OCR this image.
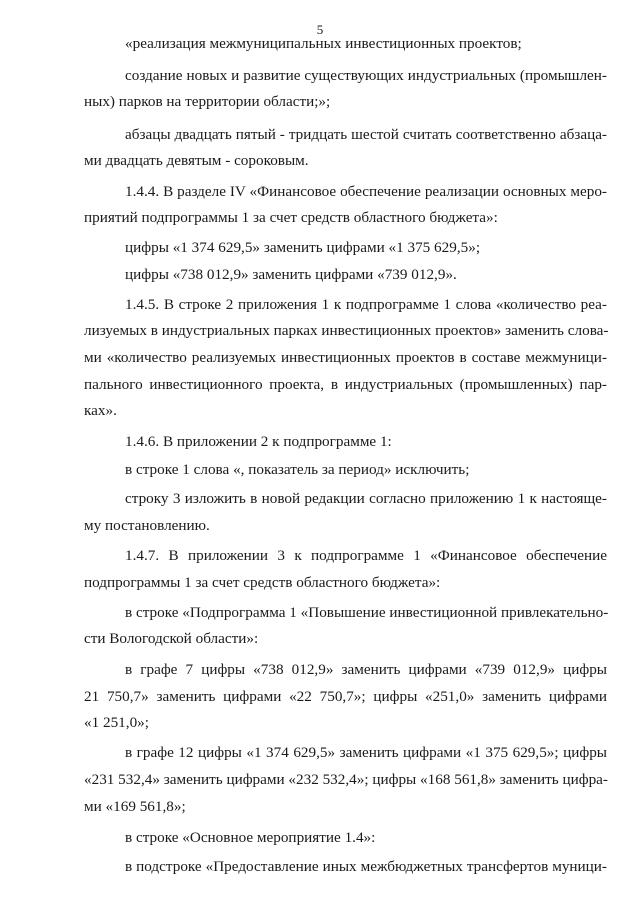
5
«реализация межмуниципальных инвестиционных проектов;
создание новых и развитие существующих индустриальных (промышлен-
ных) парков на территории области;»;
абзацы двадцать пятый - тридцать шестой считать соответственно абзаца-
ми двадцать девятым - сороковым.
1.4.4. В разделе IV «Финансовое обеспечение реализации основных меро-
приятий подпрограммы 1 за счет средств областного бюджета»:
цифры «1 374 629,5» заменить цифрами «1 375 629,5»;
цифры «738 012,9» заменить цифрами «739 012,9».
1.4.5. В строке 2 приложения 1 к подпрограмме 1 слова «количество реа-
лизуемых в индустриальных парках инвестиционных проектов» заменить слова-
ми «количество реализуемых инвестиционных проектов в составе межмуници-
пального инвестиционного проекта, в индустриальных (промышленных) пар-
ках».
1.4.6. В приложении 2 к подпрограмме 1:
в строке 1 слова «, показатель за период» исключить;
строку 3 изложить в новой редакции согласно приложению 1 к настояще-
му постановлению.
1.4.7. В приложении 3 к подпрограмме 1 «Финансовое обеспечение
подпрограммы 1 за счет средств областного бюджета»:
в строке «Подпрограмма 1 «Повышение инвестиционной привлекательно-
сти Вологодской области»:
в графе 7 цифры «738 012,9» заменить цифрами «739 012,9» цифры
21 750,7» заменить цифрами «22 750,7»; цифры «251,0» заменить цифрами
«1 251,0»;
в графе 12 цифры «1 374 629,5» заменить цифрами «1 375 629,5»; цифры
«231 532,4» заменить цифрами «232 532,4»; цифры «168 561,8» заменить цифра-
ми «169 561,8»;
в строке «Основное мероприятие 1.4»:
в подстроке «Предоставление иных межбюджетных трансфертов муници-
